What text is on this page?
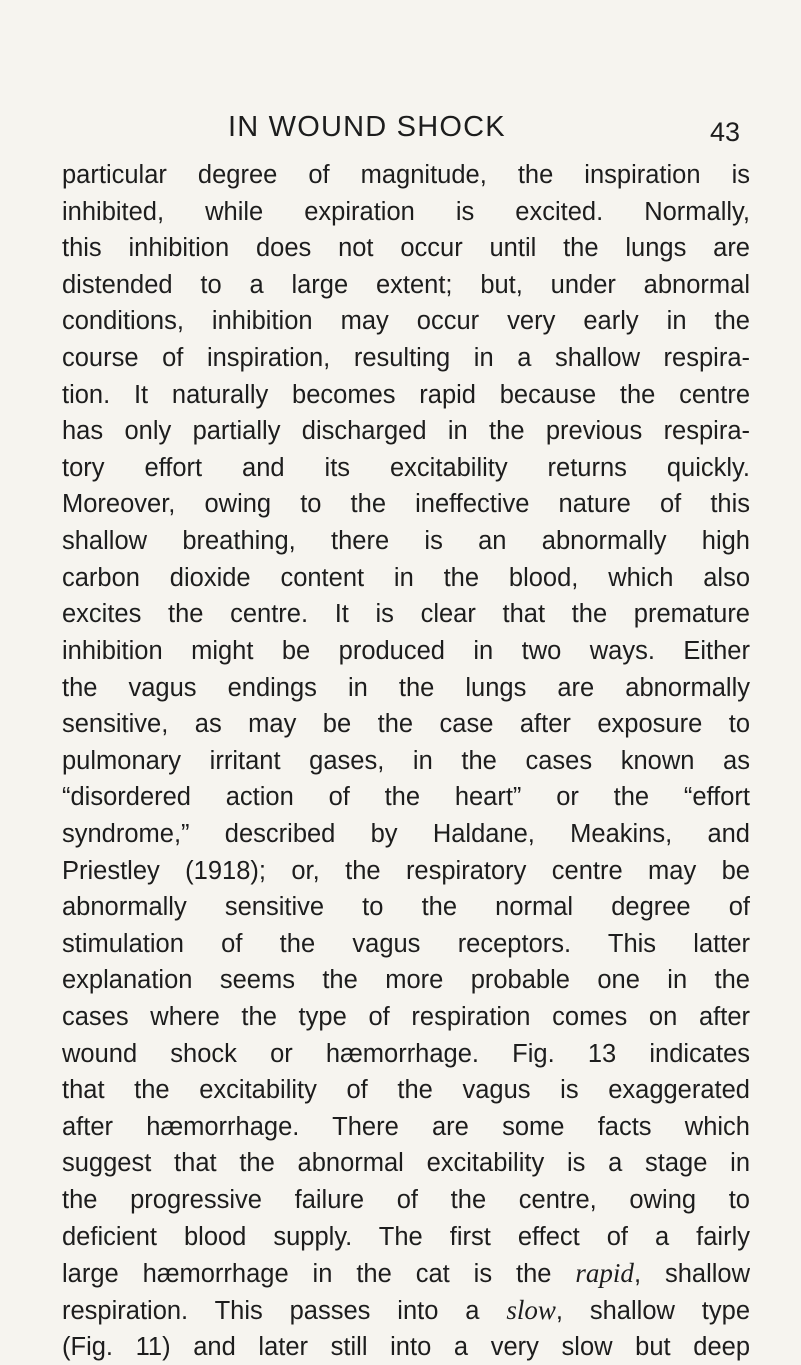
IN WOUND SHOCK	43
particular degree of magnitude, the inspiration is
inhibited, while expiration is excited. Normally,
this inhibition does not occur until the lungs are
distended to a large extent; but, under abnormal
conditions, inhibition may occur very early in the
course of inspiration, resulting in a shallow respira-
tion. It naturally becomes rapid because the centre
has only partially discharged in the previous respira-
tory effort and its excitability returns quickly.
Moreover, owing to the ineffective nature of this
shallow breathing, there is an abnormally high
carbon dioxide content in the blood, which also
excites the centre. It is clear that the premature
inhibition might be produced in two ways. Either
the vagus endings in the lungs are abnormally
sensitive, as may be the case after exposure to
pulmonary irritant gases, in the cases known as
“disordered action of the heart” or the “effort
syndrome,” described by Haldane, Meakins, and
Priestley (1918); or, the respiratory centre may be
abnormally sensitive to the normal degree of
stimulation of the vagus receptors. This latter
explanation seems the more probable one in the
cases where the type of respiration comes on after
wound shock or hæmorrhage. Fig. 13 indicates
that the excitability of the vagus is exaggerated
after hæmorrhage. There are some facts which
suggest that the abnormal excitability is a stage in
the progressive failure of the centre, owing to
deficient blood supply. The first effect of a fairly
large hæmorrhage in the cat is the rapid, shallow
respiration. This passes into a slow, shallow type
(Fig. 11) and later still into a very slow but deep
